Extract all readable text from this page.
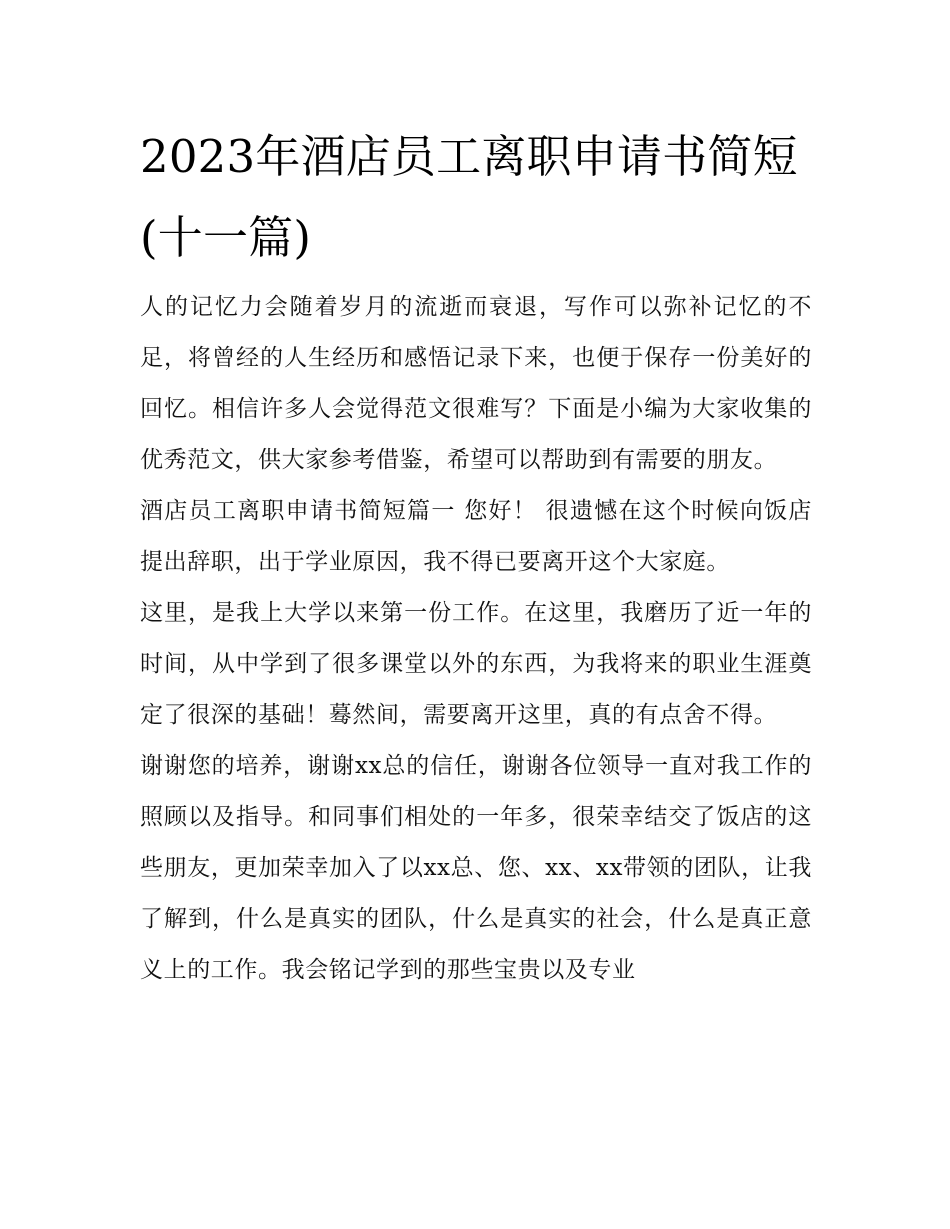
2023年酒店员工离职申请书简短(十一篇)

人的记忆力会随着岁月的流逝而衰退，写作可以弥补记忆的不足，将曾经的人生经历和感悟记录下来，也便于保存一份美好的回忆。相信许多人会觉得范文很难写？下面是小编为大家收集的优秀范文，供大家参考借鉴，希望可以帮助到有需要的朋友。

酒店员工离职申请书简短篇一 您好！ 很遗憾在这个时候向饭店提出辞职，出于学业原因，我不得已要离开这个大家庭。

这里，是我上大学以来第一份工作。在这里，我磨历了近一年的时间，从中学到了很多课堂以外的东西，为我将来的职业生涯奠定了很深的基础！蓦然间，需要离开这里，真的有点舍不得。

谢谢您的培养，谢谢xx总的信任，谢谢各位领导一直对我工作的照顾以及指导。和同事们相处的一年多，很荣幸结交了饭店的这些朋友，更加荣幸加入了以xx总、您、xx、xx带领的团队，让我了解到，什么是真实的团队，什么是真实的社会，什么是真正意义上的工作。我会铭记学到的那些宝贵以及专业
